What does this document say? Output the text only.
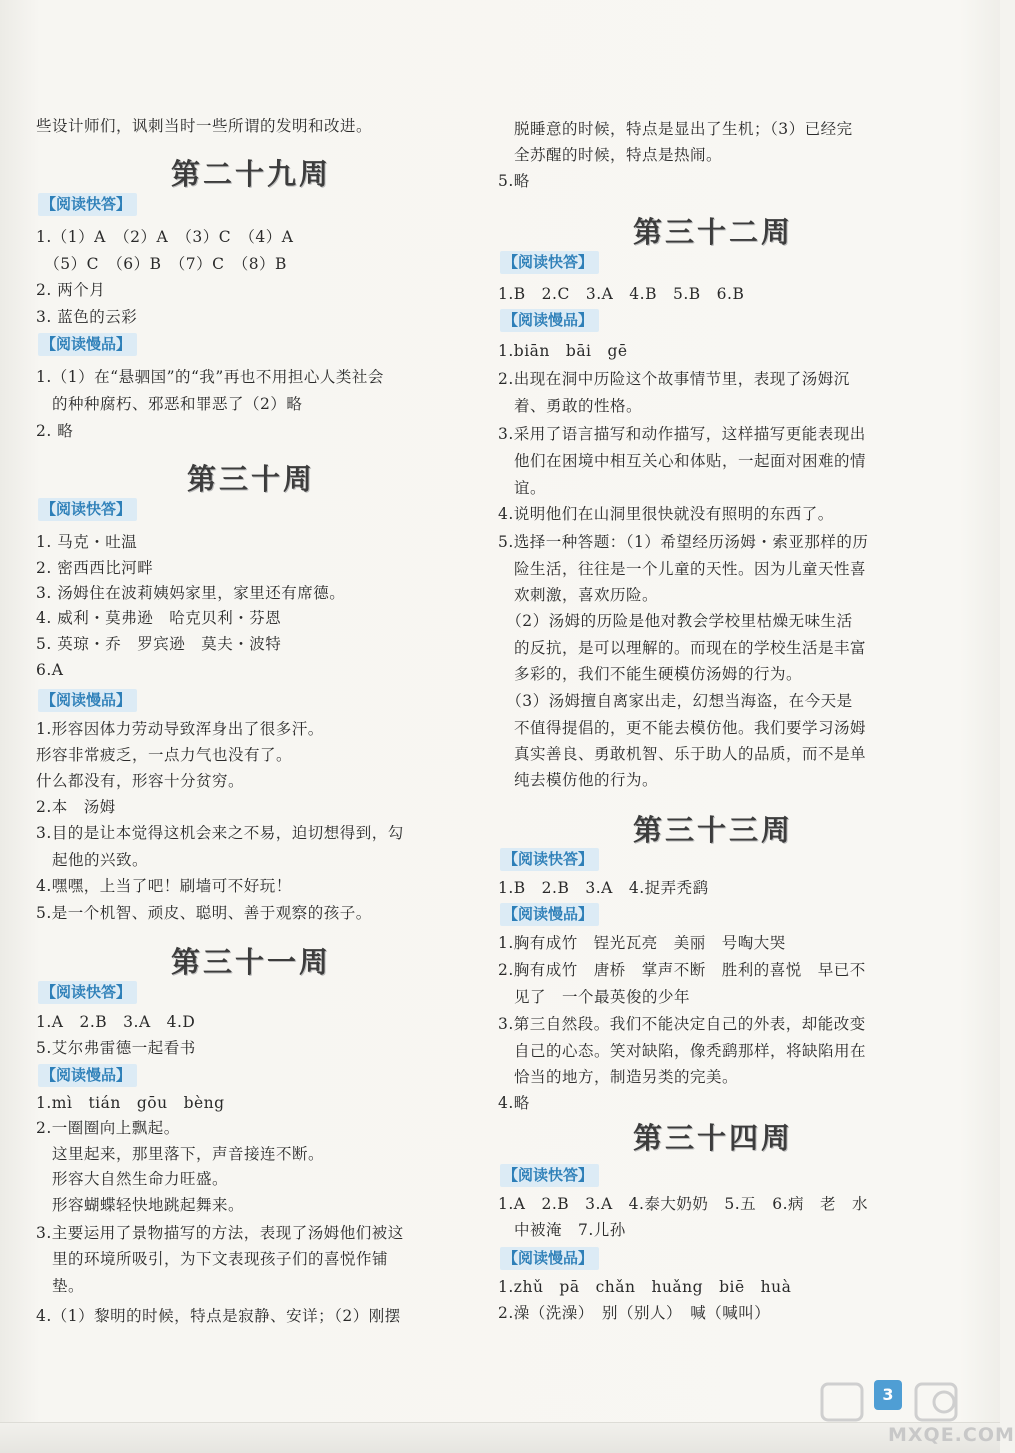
些设计师们，讽刺当时一些所谓的发明和改进。
第二十九周
【阅读快答】
1.（1）A　（2）A　（3）C　（4）A
　（5）C　（6）B　（7）C　（8）B
2. 两个月
3. 蓝色的云彩
【阅读慢品】
1.（1）在“悬驷国”的“我”再也不用担心人类社会
　的种种腐朽、邪恶和罪恶了（2）略
2. 略
第三十周
【阅读快答】
1. 马克・吐温
2. 密西西比河畔
3. 汤姆住在波莉姨妈家里，家里还有席德。
4. 威利・莫弗逊　哈克贝利・芬恩
5. 英琼・乔　罗宾逊　莫夫・波特
6.A
【阅读慢品】
1.形容因体力劳动导致浑身出了很多汗。
形容非常疲乏，一点力气也没有了。
什么都没有，形容十分贫穷。
2.本　汤姆
3.目的是让本觉得这机会来之不易，迫切想得到，勾
　起他的兴致。
4.嘿嘿，上当了吧！刷墙可不好玩！
5.是一个机智、顽皮、聪明、善于观察的孩子。
第三十一周
【阅读快答】
1.A　2.B　3.A　4.D
5.艾尔弗雷德一起看书
【阅读慢品】
1.mì　tián　gōu　bèng
2.一圈圈向上飘起。
　这里起来，那里落下，声音接连不断。
　形容大自然生命力旺盛。
　形容蝴蝶轻快地跳起舞来。
3.主要运用了景物描写的方法，表现了汤姆他们被这
　里的环境所吸引，为下文表现孩子们的喜悦作铺
　垫。
4.（1）黎明的时候，特点是寂静、安详；（2）刚摆
　脱睡意的时候，特点是显出了生机；（3）已经完
　全苏醒的时候，特点是热闹。
5.略
第三十二周
【阅读快答】
1.B　2.C　3.A　4.B　5.B　6.B
【阅读慢品】
1.biān　bāi　gē
2.出现在洞中历险这个故事情节里，表现了汤姆沉
　着、勇敢的性格。
3.采用了语言描写和动作描写，这样描写更能表现出
　他们在困境中相互关心和体贴，一起面对困难的情
　谊。
4.说明他们在山洞里很快就没有照明的东西了。
5.选择一种答题：（1）希望经历汤姆・索亚那样的历
　险生活，往往是一个儿童的天性。因为儿童天性喜
　欢刺激，喜欢历险。
　（2）汤姆的历险是他对教会学校里枯燥无味生活
　的反抗，是可以理解的。而现在的学校生活是丰富
　多彩的，我们不能生硬模仿汤姆的行为。
　（3）汤姆擅自离家出走，幻想当海盗，在今天是
　不值得提倡的，更不能去模仿他。我们要学习汤姆
　真实善良、勇敢机智、乐于助人的品质，而不是单
　纯去模仿他的行为。
第三十三周
【阅读快答】
1.B　2.B　3.A　4.捉弄秃鹞
【阅读慢品】
1.胸有成竹　锃光瓦亮　美丽　号啕大哭
2.胸有成竹　唐桥　掌声不断　胜利的喜悦　早已不
　见了　一个最英俊的少年
3.第三自然段。我们不能决定自己的外表，却能改变
　自己的心态。笑对缺陷，像秃鹞那样，将缺陷用在
　恰当的地方，制造另类的完美。
4.略
第三十四周
【阅读快答】
1.A　2.B　3.A　4.泰大奶奶　5.五　6.病　老　水
　中被淹　7.儿孙
【阅读慢品】
1.zhǔ　pā　chǎn　huǎng　biē　huà
2.澡（洗澡）　别（别人）　喊（喊叫）
3
MXQE.COM
